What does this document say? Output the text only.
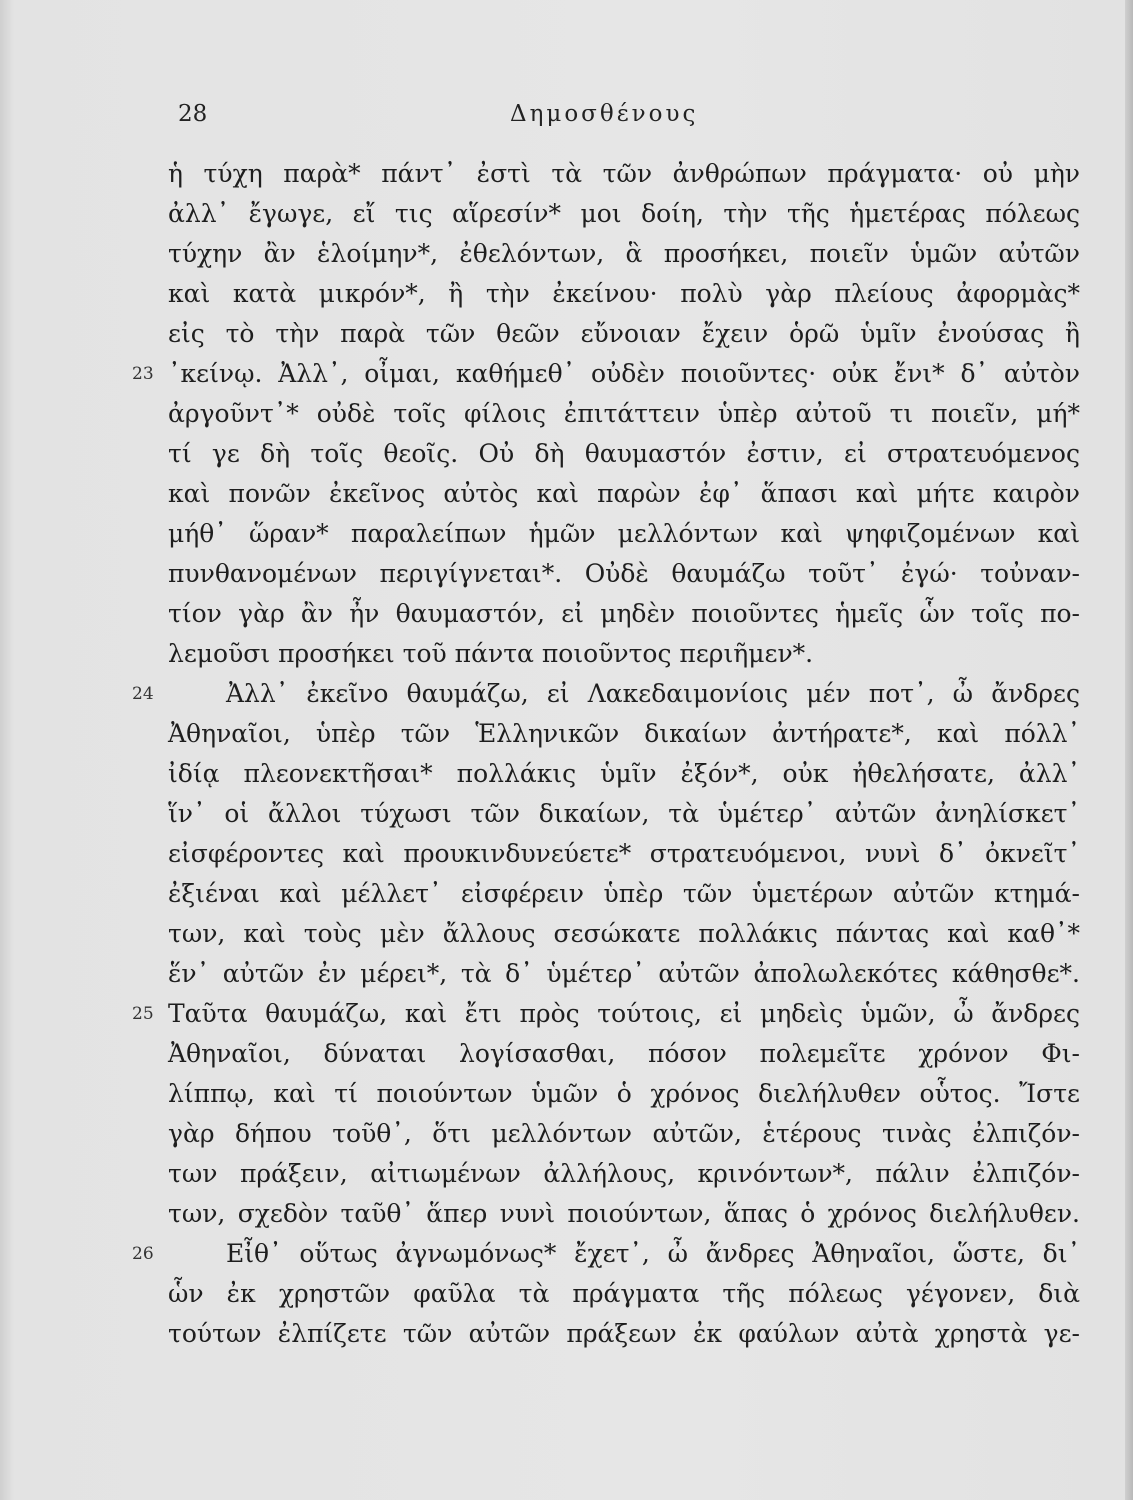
28	Δημοσθένους
ἡ τύχη παρὰ* πάντ᾽ ἐστὶ τὰ τῶν ἀνθρώπων πράγματα· οὐ μὴν
ἀλλ᾽ ἔγωγε, εἴ τις αἵρεσίν* μοι δοίη, τὴν τῆς ἡμετέρας πόλεως
τύχην ἂν ἑλοίμην*, ἐθελόντων, ἃ προσήκει, ποιεῖν ὑμῶν αὐτῶν
καὶ κατὰ μικρόν*, ἢ τὴν ἐκείνου· πολὺ γὰρ πλείους ἀφορμὰς*
εἰς τὸ τὴν παρὰ τῶν θεῶν εὔνοιαν ἔχειν ὁρῶ ὑμῖν ἐνούσας ἢ
23 ᾽κείνῳ. Ἀλλ᾽, οἶμαι, καθήμεθ᾽ οὐδὲν ποιοῦντες· οὐκ ἔνι* δ᾽ αὐτὸν
ἀργοῦντ᾽* οὐδὲ τοῖς φίλοις ἐπιτάττειν ὑπὲρ αὐτοῦ τι ποιεῖν, μή*
τί γε δὴ τοῖς θεοῖς. Οὐ δὴ θαυμαστόν ἐστιν, εἰ στρατευόμενος
καὶ πονῶν ἐκεῖνος αὐτὸς καὶ παρὼν ἐφ᾽ ἅπασι καὶ μήτε καιρὸν
μήθ᾽ ὥραν* παραλείπων ἡμῶν μελλόντων καὶ ψηφιζομένων καὶ
πυνθανομένων περιγίγνεται*. Οὐδὲ θαυμάζω τοῦτ᾽ ἐγώ· τοὐναν-
τίον γὰρ ἂν ἦν θαυμαστόν, εἰ μηδὲν ποιοῦντες ἡμεῖς ὧν τοῖς πο-
λεμοῦσι προσήκει τοῦ πάντα ποιοῦντος περιῆμεν*.
24	Ἀλλ᾽ ἐκεῖνο θαυμάζω, εἰ Λακεδαιμονίοις μέν ποτ᾽, ὦ ἄνδρες
Ἀθηναῖοι, ὑπὲρ τῶν Ἑλληνικῶν δικαίων ἀντήρατε*, καὶ πόλλ᾽
ἰδίᾳ πλεονεκτῆσαι* πολλάκις ὑμῖν ἐξόν*, οὐκ ἠθελήσατε, ἀλλ᾽
ἵν᾽ οἱ ἄλλοι τύχωσι τῶν δικαίων, τὰ ὑμέτερ᾽ αὐτῶν ἀνηλίσκετ᾽
εἰσφέροντες καὶ προυκινδυνεύετε* στρατευόμενοι, νυνὶ δ᾽ ὀκνεῖτ᾽
ἐξιέναι καὶ μέλλετ᾽ εἰσφέρειν ὑπὲρ τῶν ὑμετέρων αὐτῶν κτημά-
των, καὶ τοὺς μὲν ἄλλους σεσώκατε πολλάκις πάντας καὶ καθ᾽*
ἕν᾽ αὐτῶν ἐν μέρει*, τὰ δ᾽ ὑμέτερ᾽ αὐτῶν ἀπολωλεκότες κάθησθε*.
25 Ταῦτα θαυμάζω, καὶ ἔτι πρὸς τούτοις, εἰ μηδεὶς ὑμῶν, ὦ ἄνδρες
Ἀθηναῖοι, δύναται λογίσασθαι, πόσον πολεμεῖτε χρόνον Φι-
λίππῳ, καὶ τί ποιούντων ὑμῶν ὁ χρόνος διελήλυθεν οὗτος. Ἴστε
γὰρ δήπου τοῦθ᾽, ὅτι μελλόντων αὐτῶν, ἑτέρους τινὰς ἐλπιζόν-
των πράξειν, αἰτιωμένων ἀλλήλους, κρινόντων*, πάλιν ἐλπιζόν-
των, σχεδὸν ταῦθ᾽ ἅπερ νυνὶ ποιούντων, ἅπας ὁ χρόνος διελήλυθεν.
26	Εἶθ᾽ οὕτως ἀγνωμόνως* ἔχετ᾽, ὦ ἄνδρες Ἀθηναῖοι, ὥστε, δι᾽
ὧν ἐκ χρηστῶν φαῦλα τὰ πράγματα τῆς πόλεως γέγονεν, διὰ
τούτων ἐλπίζετε τῶν αὐτῶν πράξεων ἐκ φαύλων αὐτὰ χρηστὰ γε-
